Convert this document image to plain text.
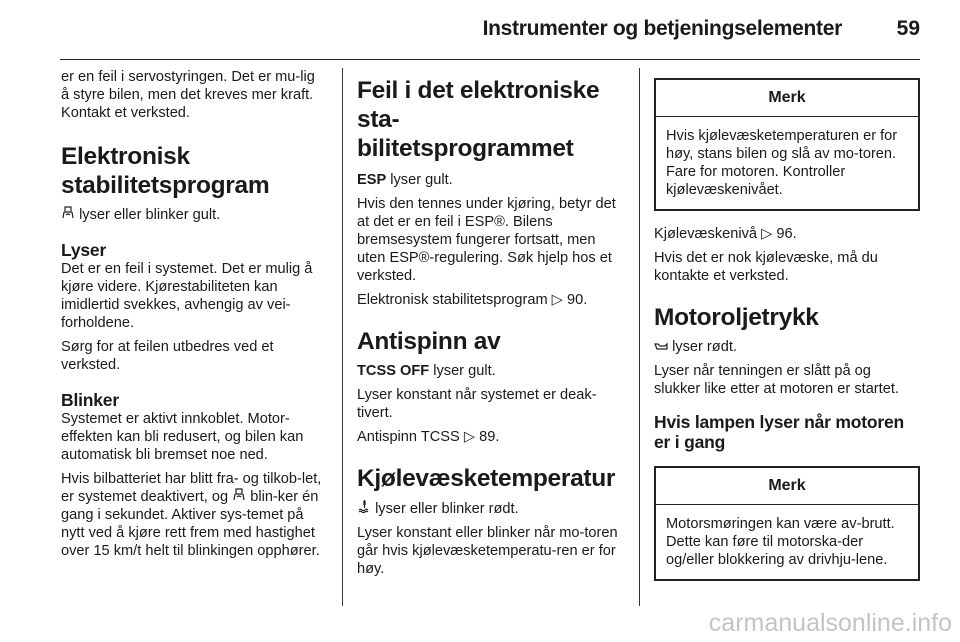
Instrumenter og betjeningselementer	59

er en feil i servostyringen. Det er mu-lig å styre bilen, men det kreves mer kraft. Kontakt et verksted.

Elektronisk
stabilitetsprogram

lyser eller blinker gult.

Lyser

Det er en feil i systemet. Det er mulig å kjøre videre. Kjørestabiliteten kan imidlertid svekkes, avhengig av vei-forholdene.

Sørg for at feilen utbedres ved et verksted.

Blinker

Systemet er aktivt innkoblet. Motor-effekten kan bli redusert, og bilen kan automatisk bli bremset noe ned.

Hvis bilbatteriet har blitt fra- og tilkob-let, er systemet deaktivert, og blin-ker én gang i sekundet. Aktiver sys-temet på nytt ved å kjøre rett frem med hastighet over 15 km/t helt til blinkingen opphører.

Feil i det elektroniske sta-
bilitetsprogrammet

ESP lyser gult.

Hvis den tennes under kjøring, betyr det at det er en feil i ESP®. Bilens bremsesystem fungerer fortsatt, men uten ESP®-regulering. Søk hjelp hos et verksted.

Elektronisk stabilitetsprogram ▷ 90.

Antispinn av

TCSS OFF lyser gult.

Lyser konstant når systemet er deak-tivert.

Antispinn TCSS ▷ 89.

Kjølevæsketemperatur

lyser eller blinker rødt.

Lyser konstant eller blinker når mo-toren går hvis kjølevæsketemperatu-ren er for høy.

Merk
Hvis kjølevæsketemperaturen er for høy, stans bilen og slå av mo-toren. Fare for motoren. Kontroller kjølevæskenivået.

Kjølevæskenivå ▷ 96.

Hvis det er nok kjølevæske, må du kontakte et verksted.

Motoroljetrykk

lyser rødt.

Lyser når tenningen er slått på og slukker like etter at motoren er startet.

Hvis lampen lyser når motoren er i gang
Merk
Motorsmøringen kan være av-brutt. Dette kan føre til motorska-der og/eller blokkering av drivhju-lene.
carmanualsonline.info
